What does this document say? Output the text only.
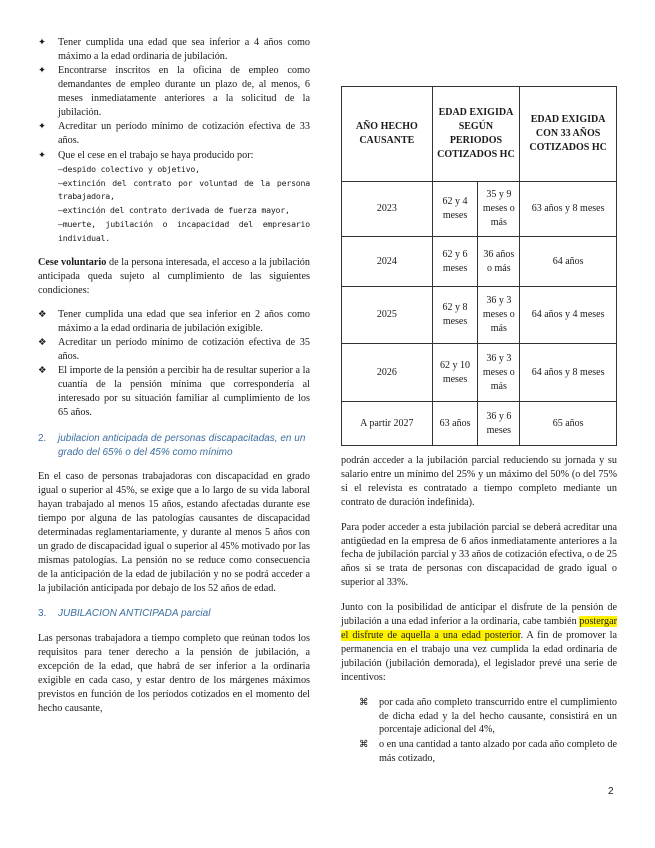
✦	Tener cumplida una edad que sea inferior a 4 años como máximo a la edad ordinaria de jubilación.
✦	Encontrarse inscritos en la oficina de empleo como demandantes de empleo durante un plazo de, al menos, 6 meses inmediatamente anteriores a la solicitud de la jubilación.
✦	Acreditar un período mínimo de cotización efectiva de 33 años.
✦	Que el cese en el trabajo se haya producido por:
—despido colectivo y objetivo,
—extinción del contrato por voluntad de la persona trabajadora,
—extinción del contrato derivada de fuerza mayor,
—muerte, jubilación o incapacidad del empresario individual.

Cese voluntario de la persona interesada, el acceso a la jubilación anticipada queda sujeto al cumplimiento de las siguientes condiciones:

❖	Tener cumplida una edad que sea inferior en 2 años como máximo a la edad ordinaria de jubilación exigible.
❖	Acreditar un período mínimo de cotización efectiva de 35 años.
❖	El importe de la pensión a percibir ha de resultar superior a la cuantía de la pensión mínima que correspondería al interesado por su situación familiar al cumplimiento de los 65 años.
2. jubilacion anticipada de personas discapacitadas, en un grado del 65% o del 45% como mínimo

En el caso de personas trabajadoras con discapacidad en grado igual o superior al 45%, se exige que a lo largo de su vida laboral hayan trabajado al menos 15 años, estando afectadas durante ese tiempo por alguna de las patologías causantes de discapacidad determinadas reglamentariamente, y durante al menos 5 años con un grado de discapacidad igual o superior al 45% motivado por las mismas patologías. La pensión no se reduce como consecuencia de la anticipación de la edad de jubilación y no se podrá acceder a la jubilación anticipada por debajo de los 52 años de edad.

3. JUBILACION ANTICIPADA parcial

Las personas trabajadora a tiempo completo que reúnan todos los requisitos para tener derecho a la pensión de jubilación, a excepción de la edad, que habrá de ser inferior a la ordinaria exigible en cada caso, y estar dentro de los márgenes máximos previstos en función de los períodos cotizados en el momento del hecho causante,

AÑO HECHO CAUSANTE	EDAD EXIGIDA SEGÚN PERIODOS COTIZADOS HC		EDAD EXIGIDA CON 33 AÑOS COTIZADOS HC
2023	62 y 4 meses	35 y 9 meses o más	63 años y 8 meses
2024	62 y 6 meses	36 años o más	64 años
2025	62 y 8 meses	36 y 3 meses o más	64 años y 4 meses
2026	62 y 10 meses	36 y 3 meses o más	64 años y 8 meses
A partir 2027	63 años	36 y 6 meses	65 años

podrán acceder a la jubilación parcial reduciendo su jornada y su salario entre un mínimo del 25% y un máximo del 50% (o del 75% si el relevista es contratado a tiempo completo mediante un contrato de duración indefinida).

Para poder acceder a esta jubilación parcial se deberá acreditar una antigüedad en la empresa de 6 años inmediatamente anteriores a la fecha de jubilación parcial y 33 años de cotización efectiva, o de 25 años si se trata de personas con discapacidad de grado igual o superior al 33%.

Junto con la posibilidad de anticipar el disfrute de la pensión de jubilación a una edad inferior a la ordinaria, cabe también postergar el disfrute de aquella a una edad posterior. A fin de promover la permanencia en el trabajo una vez cumplida la edad ordinaria de jubilación (jubilación demorada), el legislador prevé una serie de incentivos:

⌘	por cada año completo transcurrido entre el cumplimiento de dicha edad y la del hecho causante, consistirá en un porcentaje adicional del 4%,
⌘	o en una cantidad a tanto alzado por cada año completo de más cotizado,
2
